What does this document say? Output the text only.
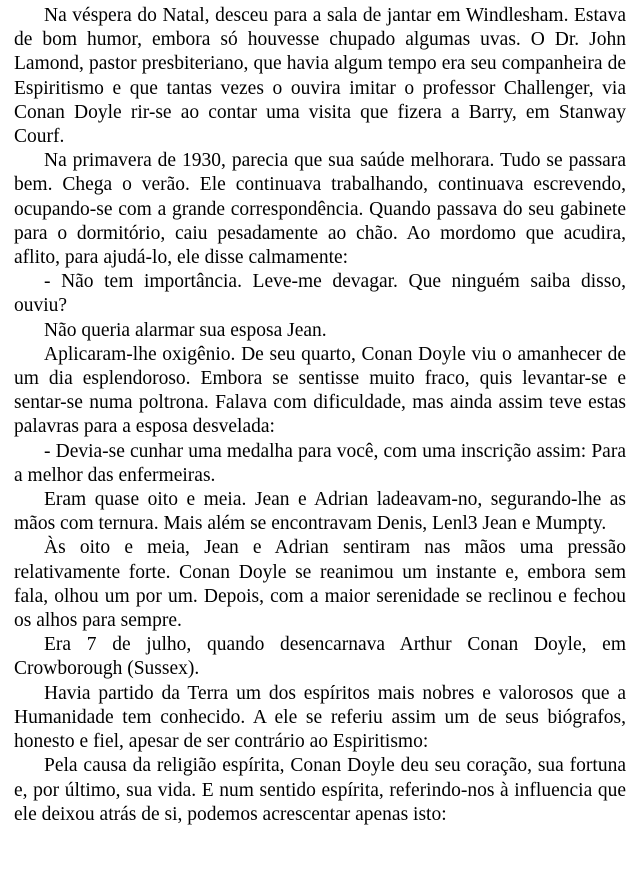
Na véspera do Natal, desceu para a sala de jantar em Windlesham. Estava de bom humor, embora só houvesse chupado algumas uvas. O Dr. John Lamond, pastor presbiteriano, que havia algum tempo era seu companheira de Espiritismo e que tantas vezes o ouvira imitar o professor Challenger, via Conan Doyle rir-se ao contar uma visita que fizera a Barry, em Stanway Courf.

Na primavera de 1930, parecia que sua saúde melhorara. Tudo se passara bem. Chega o verão. Ele continuava trabalhando, continuava escrevendo, ocupando-se com a grande correspondência. Quando passava do seu gabinete para o dormitório, caiu pesadamente ao chão. Ao mordomo que acudira, aflito, para ajudá-lo, ele disse calmamente:

- Não tem importância. Leve-me devagar. Que ninguém saiba disso, ouviu?

Não queria alarmar sua esposa Jean.

Aplicaram-lhe oxigênio. De seu quarto, Conan Doyle viu o amanhecer de um dia esplendoroso. Embora se sentisse muito fraco, quis levantar-se e sentar-se numa poltrona. Falava com dificuldade, mas ainda assim teve estas palavras para a esposa desvelada:

- Devia-se cunhar uma medalha para você, com uma inscrição assim: Para a melhor das enfermeiras.

Eram quase oito e meia. Jean e Adrian ladeavam-no, segurando-lhe as mãos com ternura. Mais além se encontravam Denis, Lenl3 Jean e Mumpty.

Às oito e meia, Jean e Adrian sentiram nas mãos uma pressão relativamente forte. Conan Doyle se reanimou um instante e, embora sem fala, olhou um por um. Depois, com a maior serenidade se reclinou e fechou os alhos para sempre.

Era 7 de julho, quando desencarnava Arthur Conan Doyle, em Crowborough (Sussex).

Havia partido da Terra um dos espíritos mais nobres e valorosos que a Humanidade tem conhecido. A ele se referiu assim um de seus biógrafos, honesto e fiel, apesar de ser contrário ao Espiritismo:

Pela causa da religião espírita, Conan Doyle deu seu coração, sua fortuna e, por último, sua vida. E num sentido espírita, referindo-nos à influencia que ele deixou atrás de si, podemos acrescentar apenas isto:
